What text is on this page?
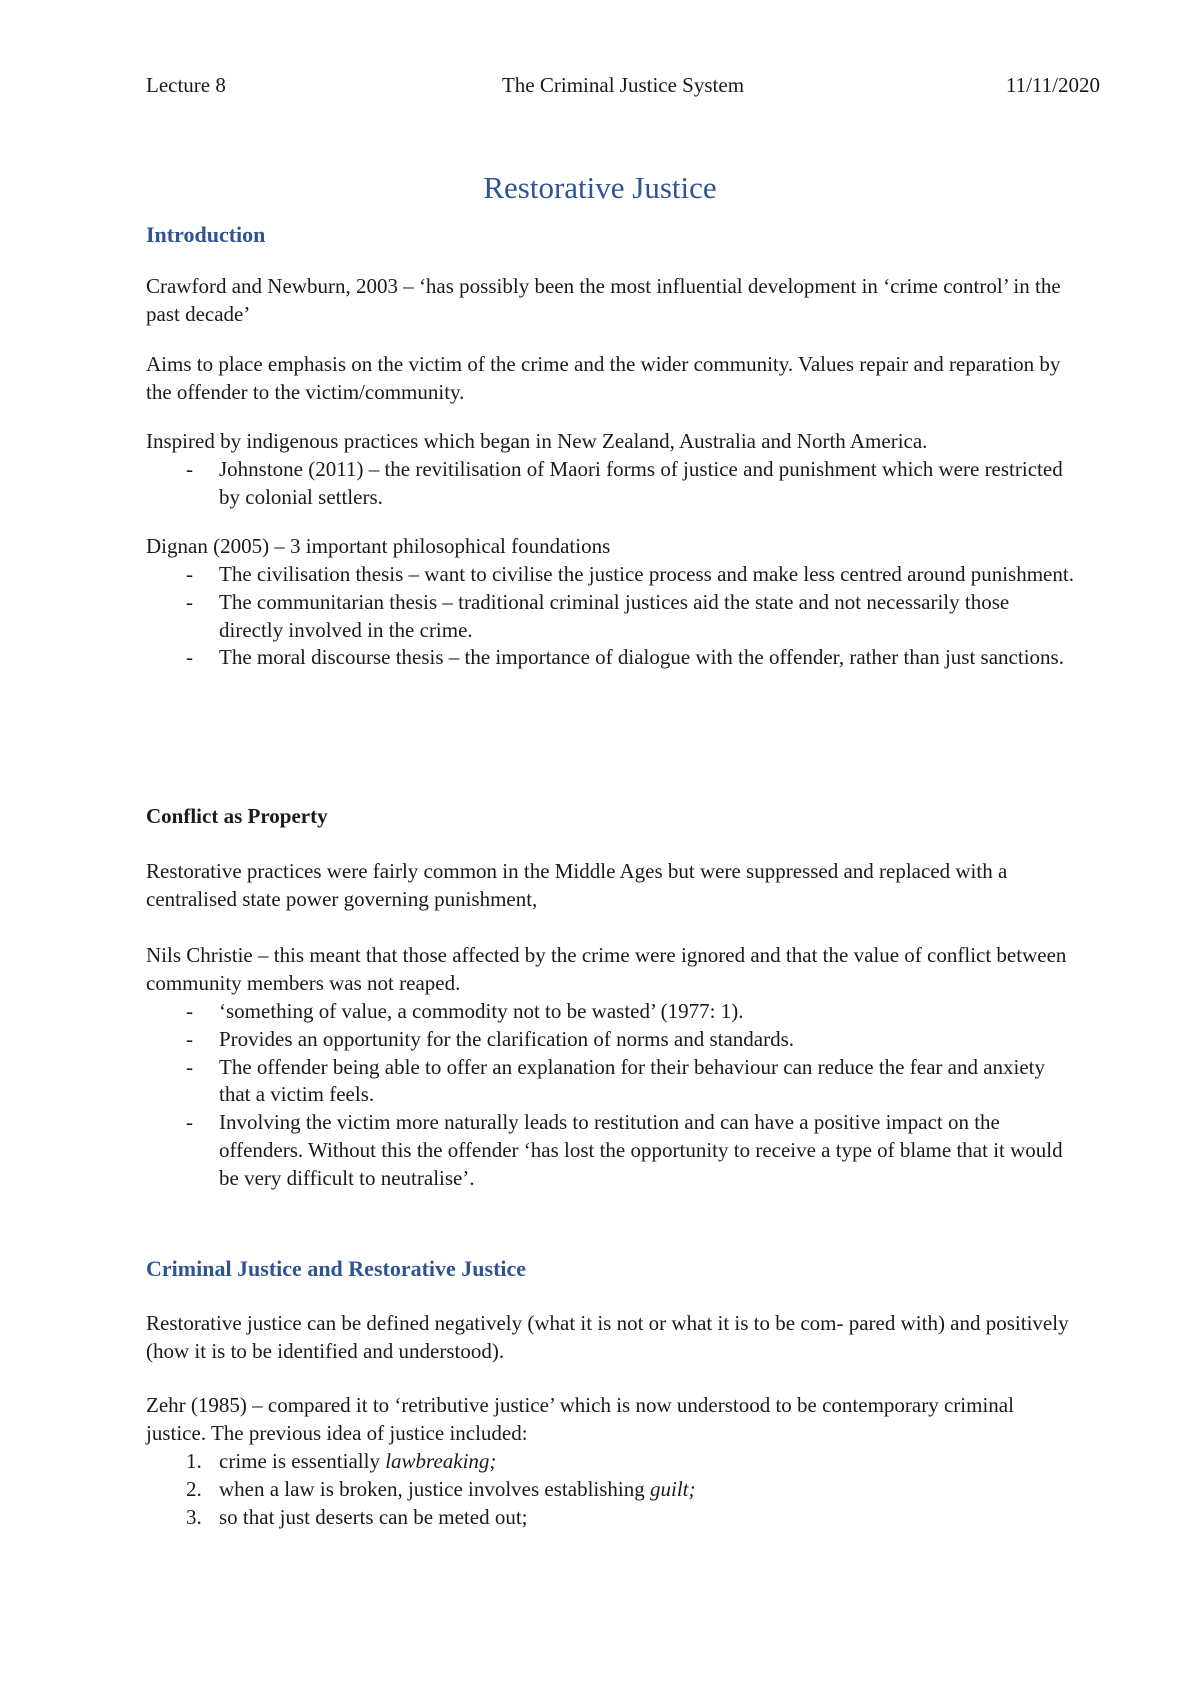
Lecture 8	The Criminal Justice System	11/11/2020
Restorative Justice
Introduction

Crawford and Newburn, 2003 – ‘has possibly been the most influential development in ‘crime control’ in the past decade’

Aims to place emphasis on the victim of the crime and the wider community. Values repair and reparation by the offender to the victim/community.

Inspired by indigenous practices which began in New Zealand, Australia and North America.

- Johnstone (2011) – the revitilisation of Maori forms of justice and punishment which were restricted by colonial settlers.

Dignan (2005) – 3 important philosophical foundations

- The civilisation thesis – want to civilise the justice process and make less centred around punishment.
- The communitarian thesis – traditional criminal justices aid the state and not necessarily those directly involved in the crime.
- The moral discourse thesis – the importance of dialogue with the offender, rather than just sanctions.
Conflict as Property

Restorative practices were fairly common in the Middle Ages but were suppressed and replaced with a centralised state power governing punishment,

Nils Christie – this meant that those affected by the crime were ignored and that the value of conflict between community members was not reaped.

- ‘something of value, a commodity not to be wasted’ (1977: 1).
- Provides an opportunity for the clarification of norms and standards.
- The offender being able to offer an explanation for their behaviour can reduce the fear and anxiety that a victim feels.
- Involving the victim more naturally leads to restitution and can have a positive impact on the offenders. Without this the offender ‘has lost the opportunity to receive a type of blame that it would be very difficult to neutralise’.
Criminal Justice and Restorative Justice

Restorative justice can be defined negatively (what it is not or what it is to be com- pared with) and positively (how it is to be identified and understood).

Zehr (1985) – compared it to ‘retributive justice’ which is now understood to be contemporary criminal justice. The previous idea of justice included:

1. crime is essentially lawbreaking;
2. when a law is broken, justice involves establishing guilt;
3. so that just deserts can be meted out;
